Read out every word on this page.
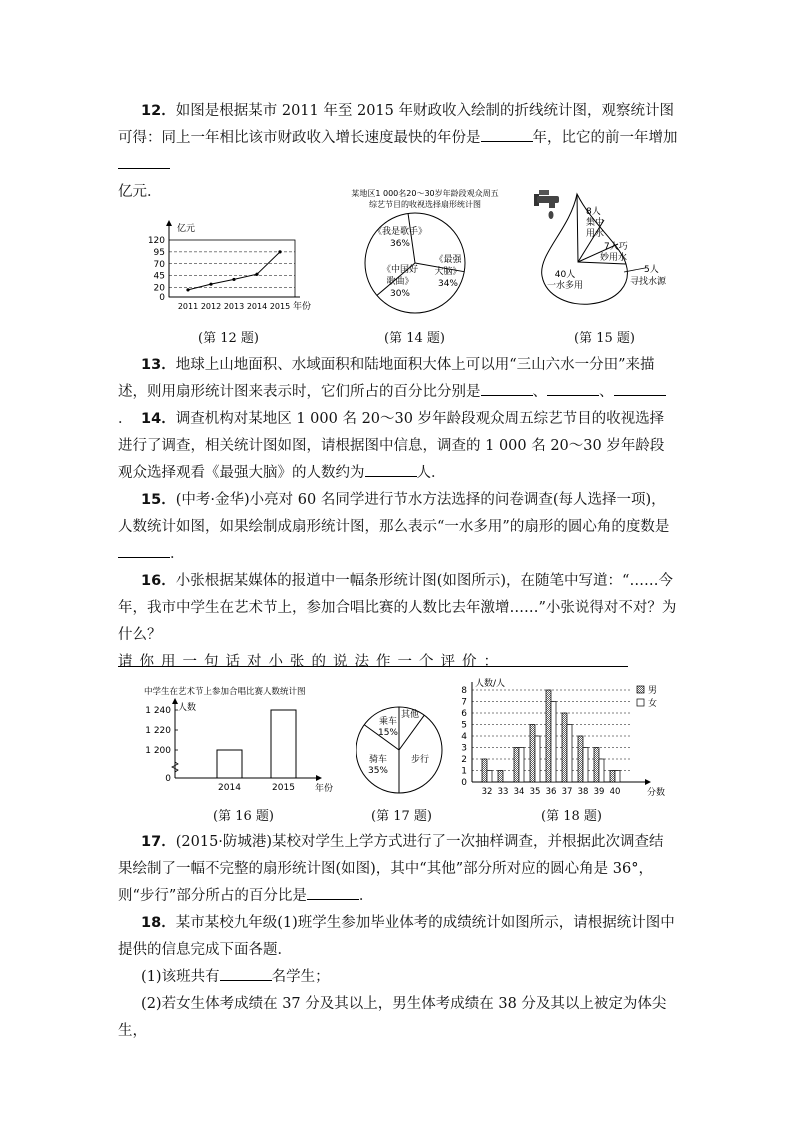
12．如图是根据某市 2011 年至 2015 年财政收入绘制的折线统计图，观察统计图可得：同上一年相比该市财政收入增长速度最快的年份是	年，比它的前一年增加
亿元．
亿元
120
95
70
45
20
0
2011 2012 2013 2014 2015 年份
(第 12 题)
某地区1 000名20～30岁年龄段观众周五
综艺节目的收视选择扇形统计图
《我是歌手》
36%
《最强
大脑》
34%
《中国好
歌曲》
30%
(第 14 题)
8人
集中
用水
7人巧
妙用水
40人
一水多用
5人
寻找水源
(第 15 题)
13．地球上山地面积、水域面积和陆地面积大体上可以用“三山六水一分田”来描述，则用扇形统计图来表示时，它们所占的百分比分别是	、	、． 14．调查机构对某地区 1 000 名 20～30 岁年龄段观众周五综艺节目的收视选择进行了调查，相关统计图如图，请根据图中信息，调查的 1 000 名 20～30 岁年龄段观众选择观看《最强大脑》的人数约为	人．
15．(中考·金华)小亮对 60 名同学进行节水方法选择的问卷调查(每人选择一项)，人数统计如图，如果绘制成扇形统计图，那么表示“一水多用”的扇形的圆心角的度数是．
16．小张根据某媒体的报道中一幅条形统计图(如图所示)，在随笔中写道：“……今年，我市中学生在艺术节上，参加合唱比赛的人数比去年激增……”小张说得对不对？为什么？
请你用一句话对小张的说法作一个评价：
中学生在艺术节上参加合唱比赛人数统计图
人数
1 240
1 220
1 200
0
2014	2015 年份
(第 16 题)
乘车
15%
其他
骑车
35%
步行
(第 17 题)
人数/人
8
7
6
5
4
3
2
1
0
32 33 34 35 36 37 38 39 40	分数
男
女
(第 18 题)
17．(2015·防城港)某校对学生上学方式进行了一次抽样调查，并根据此次调查结果绘制了一幅不完整的扇形统计图(如图)，其中“其他”部分所对应的圆心角是 36°，则“步行”部分所占的百分比是	．
18．某市某校九年级(1)班学生参加毕业体考的成绩统计如图所示，请根据统计图中提供的信息完成下面各题．
(1)该班共有	名学生；
(2)若女生体考成绩在 37 分及其以上，男生体考成绩在 38 分及其以上被定为体尖生，
